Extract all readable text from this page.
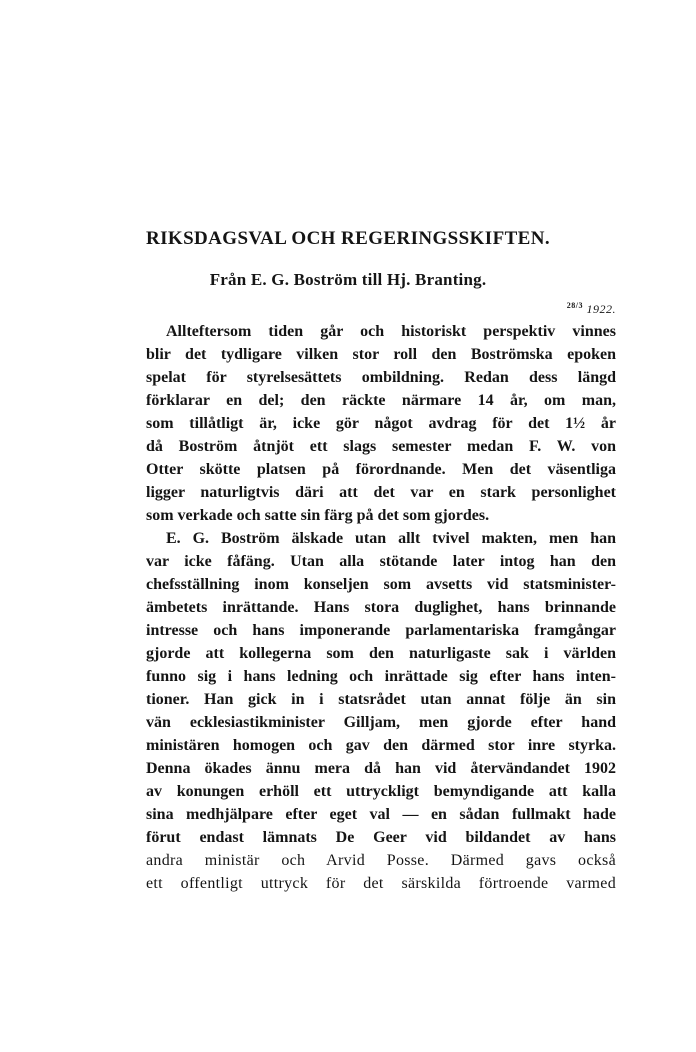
RIKSDAGSVAL OCH REGERINGSSKIFTEN.
Från E. G. Boström till Hj. Branting.
$^{28/3}$ 1922.
Allteftersom tiden går och historiskt perspektiv vinnes
blir det tydligare vilken stor roll den Boströmska epoken
spelat för styrelsesättets ombildning. Redan dess längd
förklarar en del; den räckte närmare 14 år, om man,
som tillåtligt är, icke gör något avdrag för det 1½ år
då Boström åtnjöt ett slags semester medan F. W. von
Otter skötte platsen på förordnande. Men det väsentliga
ligger naturligtvis däri att det var en stark personlighet
som verkade och satte sin färg på det som gjordes.
E. G. Boström älskade utan allt tvivel makten, men han
var icke fåfäng. Utan alla stötande later intog han den
chefsställning inom konseljen som avsetts vid statsminister-
ämbetets inrättande. Hans stora duglighet, hans brinnande
intresse och hans imponerande parlamentariska framgångar
gjorde att kollegerna som den naturligaste sak i världen
funno sig i hans ledning och inrättade sig efter hans inten-
tioner. Han gick in i statsrådet utan annat följe än sin
vän ecklesiastikminister Gilljam, men gjorde efter hand
ministären homogen och gav den därmed stor inre styrka.
Denna ökades ännu mera då han vid återvändandet 1902
av konungen erhöll ett uttryckligt bemyndigande att kalla
sina medhjälpare efter eget val — en sådan fullmakt hade
förut endast lämnats De Geer vid bildandet av hans
andra ministär och Arvid Posse. Därmed gavs också
ett offentligt uttryck för det särskilda förtroende varmed
